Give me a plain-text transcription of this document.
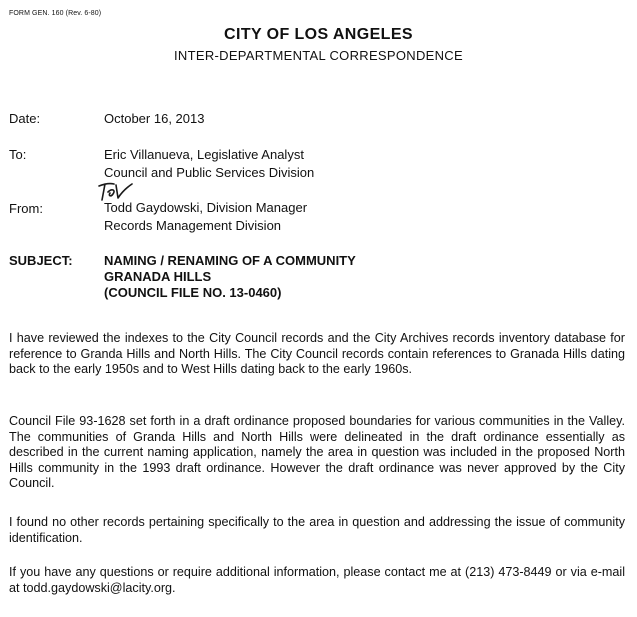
FORM GEN. 160 (Rev. 6-80)
CITY OF LOS ANGELES
INTER-DEPARTMENTAL CORRESPONDENCE
Date:	October 16, 2013
To:	Eric Villanueva, Legislative Analyst
Council and Public Services Division
From:	Todd Gaydowski, Division Manager
Records Management Division
SUBJECT: NAMING / RENAMING OF A COMMUNITY
GRANADA HILLS
(COUNCIL FILE NO. 13-0460)

I have reviewed the indexes to the City Council records and the City Archives records inventory database for reference to Granda Hills and North Hills. The City Council records contain references to Granada Hills dating back to the early 1950s and to West Hills dating back to the early 1960s.

Council File 93-1628 set forth in a draft ordinance proposed boundaries for various communities in the Valley. The communities of Granda Hills and North Hills were delineated in the draft ordinance essentially as described in the current naming application, namely the area in question was included in the proposed North Hills community in the 1993 draft ordinance. However the draft ordinance was never approved by the City Council.

I found no other records pertaining specifically to the area in question and addressing the issue of community identification.

If you have any questions or require additional information, please contact me at (213) 473-8449 or via e-mail at todd.gaydowski@lacity.org.
